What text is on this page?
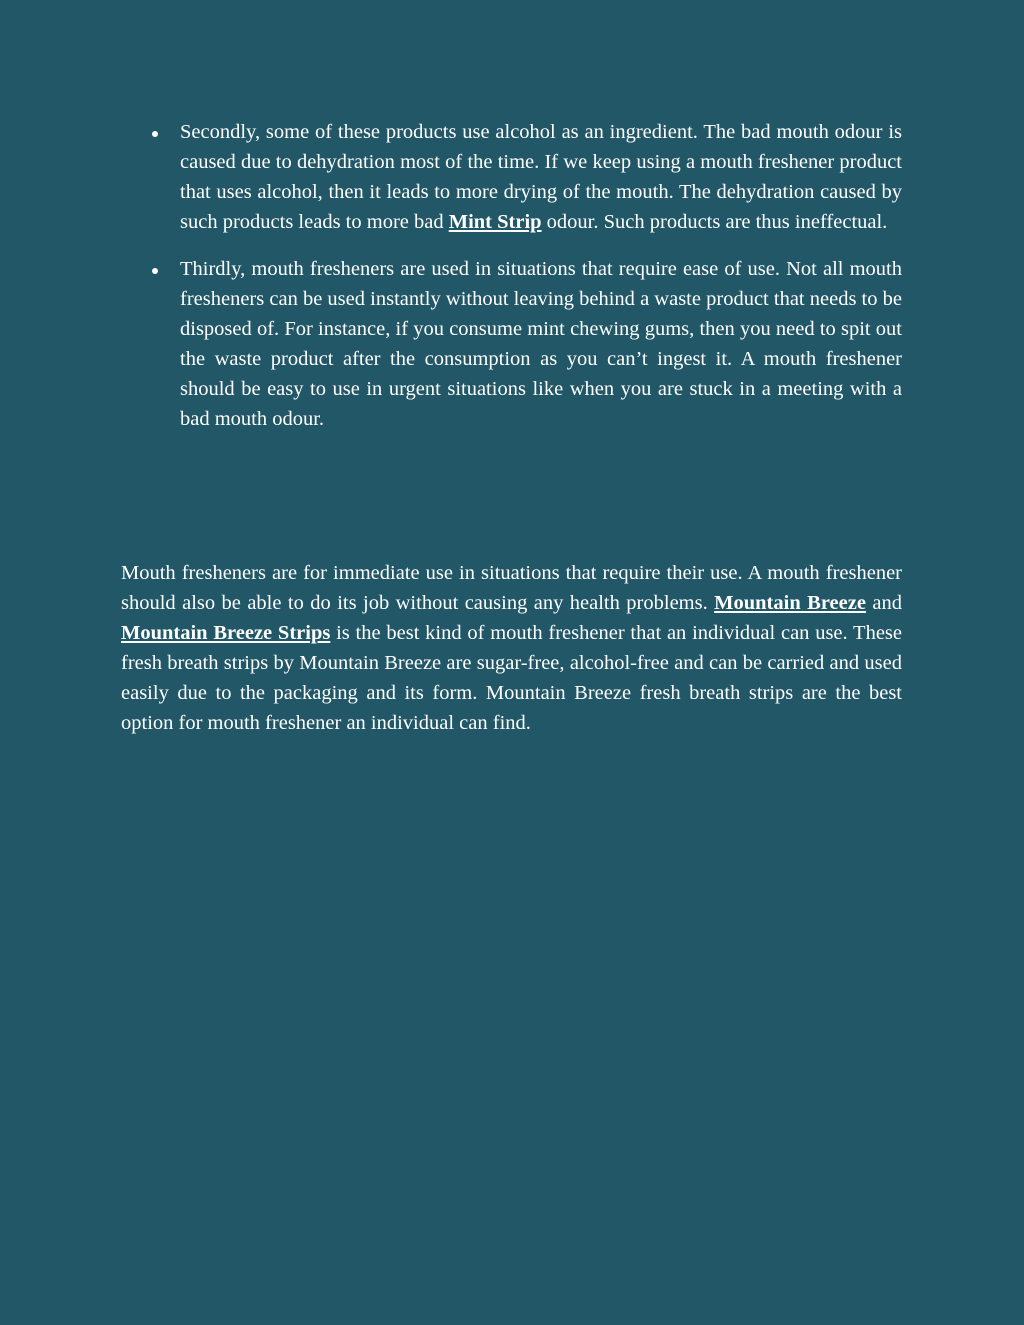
Secondly, some of these products use alcohol as an ingredient. The bad mouth odour is caused due to dehydration most of the time. If we keep using a mouth freshener product that uses alcohol, then it leads to more drying of the mouth. The dehydration caused by such products leads to more bad Mint Strip odour. Such products are thus ineffectual.
Thirdly, mouth fresheners are used in situations that require ease of use. Not all mouth fresheners can be used instantly without leaving behind a waste product that needs to be disposed of. For instance, if you consume mint chewing gums, then you need to spit out the waste product after the consumption as you can’t ingest it. A mouth freshener should be easy to use in urgent situations like when you are stuck in a meeting with a bad mouth odour.

Mouth fresheners are for immediate use in situations that require their use. A mouth freshener should also be able to do its job without causing any health problems. Mountain Breeze and Mountain Breeze Strips is the best kind of mouth freshener that an individual can use. These fresh breath strips by Mountain Breeze are sugar-free, alcohol-free and can be carried and used easily due to the packaging and its form. Mountain Breeze fresh breath strips are the best option for mouth freshener an individual can find.
